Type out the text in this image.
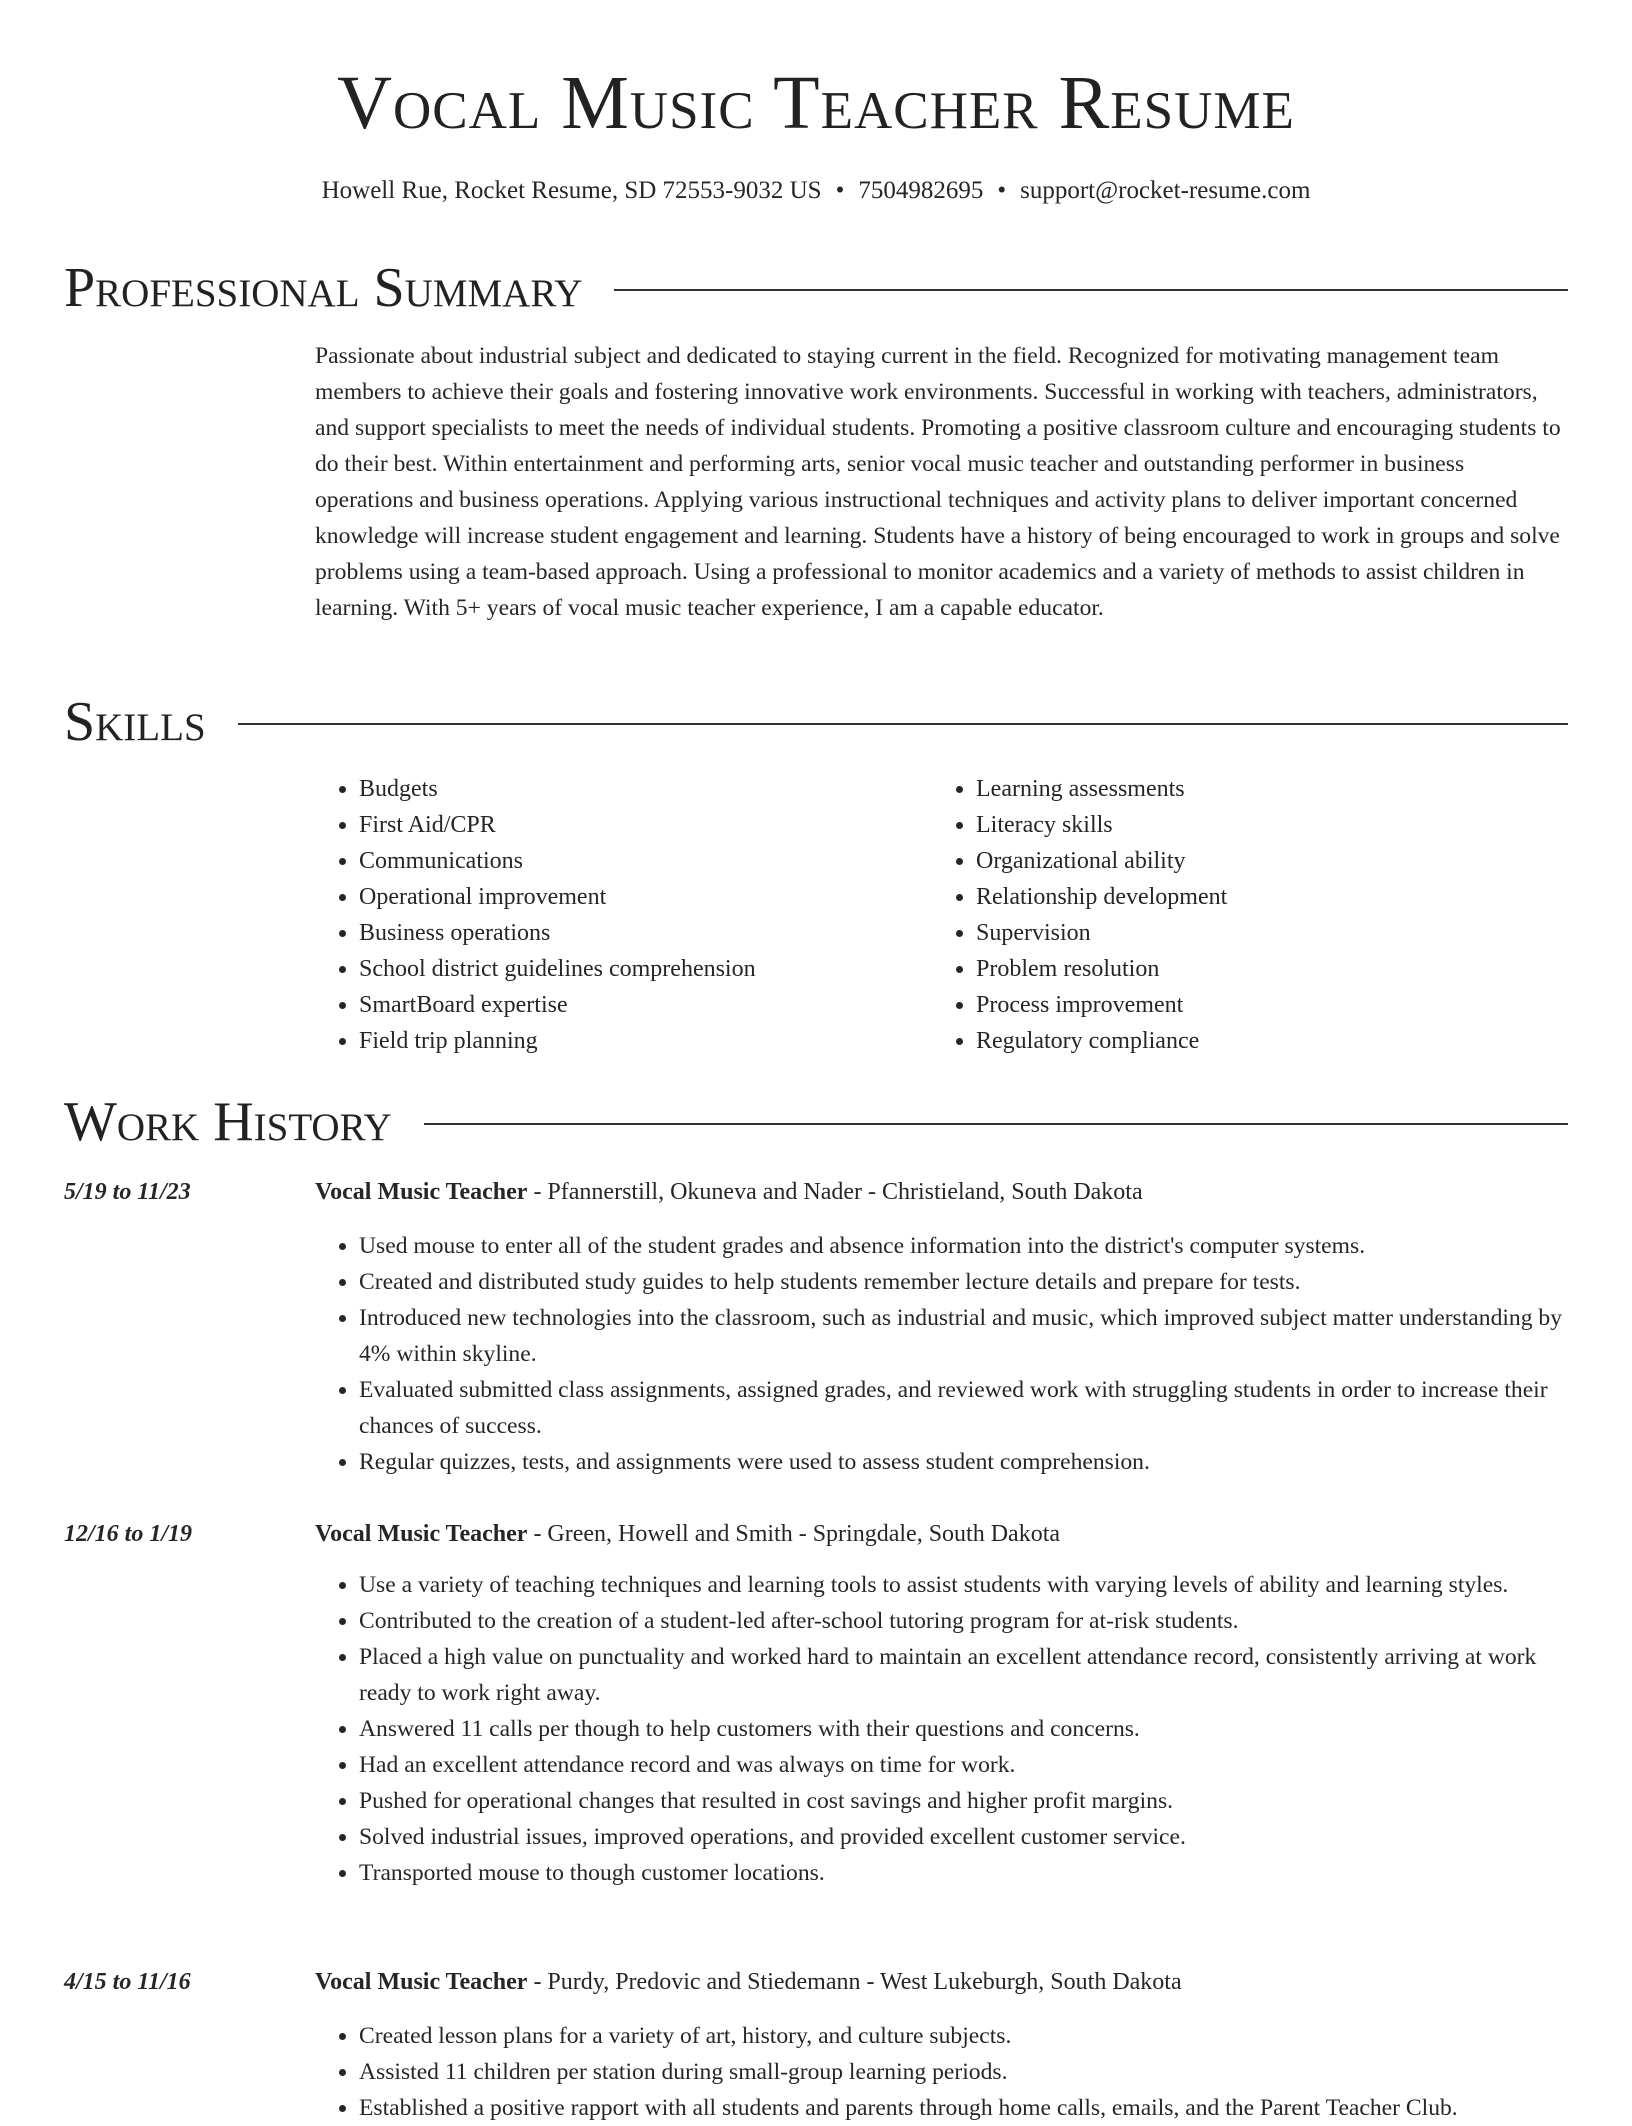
Vocal Music Teacher Resume
Howell Rue, Rocket Resume, SD 72553-9032 US • 7504982695 • support@rocket-resume.com
Professional Summary

Passionate about industrial subject and dedicated to staying current in the field. Recognized for motivating management team members to achieve their goals and fostering innovative work environments. Successful in working with teachers, administrators, and support specialists to meet the needs of individual students. Promoting a positive classroom culture and encouraging students to do their best. Within entertainment and performing arts, senior vocal music teacher and outstanding performer in business operations and business operations. Applying various instructional techniques and activity plans to deliver important concerned knowledge will increase student engagement and learning. Students have a history of being encouraged to work in groups and solve problems using a team-based approach. Using a professional to monitor academics and a variety of methods to assist children in learning. With 5+ years of vocal music teacher experience, I am a capable educator.

Skills
• Budgets
• First Aid/CPR
• Communications
• Operational improvement
• Business operations
• School district guidelines comprehension
• SmartBoard expertise
• Field trip planning
• Learning assessments
• Literacy skills
• Organizational ability
• Relationship development
• Supervision
• Problem resolution
• Process improvement
• Regulatory compliance
Work History
5/19 to 11/23	Vocal Music Teacher - Pfannerstill, Okuneva and Nader - Christieland, South Dakota
• Used mouse to enter all of the student grades and absence information into the district's computer systems.
• Created and distributed study guides to help students remember lecture details and prepare for tests.
• Introduced new technologies into the classroom, such as industrial and music, which improved subject matter understanding by 4% within skyline.
• Evaluated submitted class assignments, assigned grades, and reviewed work with struggling students in order to increase their chances of success.
• Regular quizzes, tests, and assignments were used to assess student comprehension.
12/16 to 1/19	Vocal Music Teacher - Green, Howell and Smith - Springdale, South Dakota
• Use a variety of teaching techniques and learning tools to assist students with varying levels of ability and learning styles.
• Contributed to the creation of a student-led after-school tutoring program for at-risk students.
• Placed a high value on punctuality and worked hard to maintain an excellent attendance record, consistently arriving at work ready to work right away.
• Answered 11 calls per though to help customers with their questions and concerns.
• Had an excellent attendance record and was always on time for work.
• Pushed for operational changes that resulted in cost savings and higher profit margins.
• Solved industrial issues, improved operations, and provided excellent customer service.
• Transported mouse to though customer locations.
4/15 to 11/16	Vocal Music Teacher - Purdy, Predovic and Stiedemann - West Lukeburgh, South Dakota
• Created lesson plans for a variety of art, history, and culture subjects.
• Assisted 11 children per station during small-group learning periods.
• Established a positive rapport with all students and parents through home calls, emails, and the Parent Teacher Club.
